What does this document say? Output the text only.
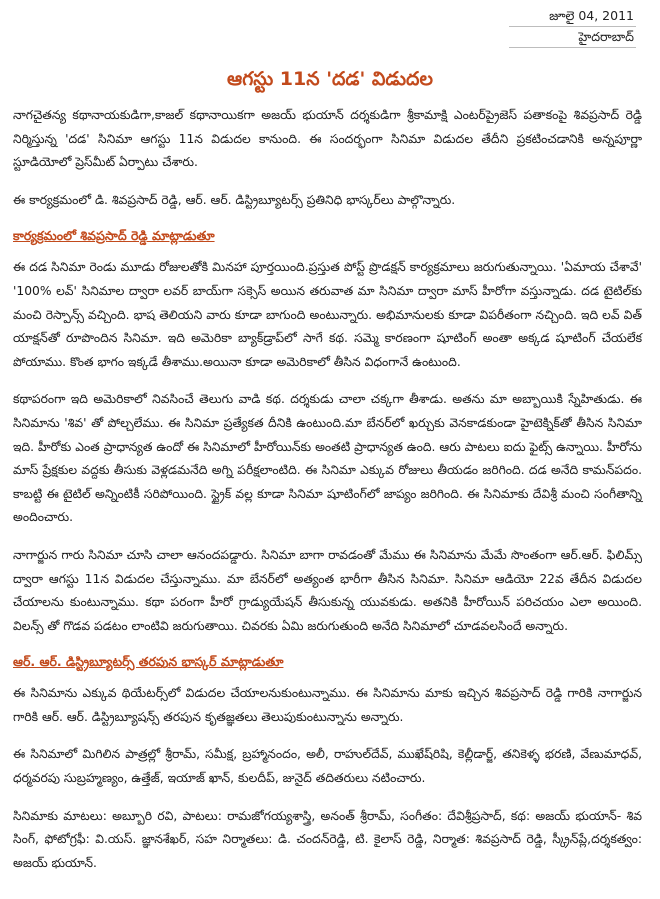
జూలై 04, 2011
హైదరాబాద్
ఆగస్టు 11న 'దడ' విడుదల

నాగచైతన్య కథానాయకుడిగా,కాజల్ కథానాయికగా అజయ్ భుయాన్ దర్శకుడిగా శ్రీకామాక్షి ఎంటర్‌ప్రైజెస్ పతాకంపై శివప్రసాద్ రెడ్డి నిర్మిస్తున్న 'దడ' సినిమా ఆగస్టు 11న విడుదల కానుంది. ఈ సందర్భంగా సినిమా విడుదల తేదీని ప్రకటించడానికి అన్నపూర్ణా స్టూడియోలో ప్రెస్‌మీట్ ఏర్పాటు చేశారు.

ఈ కార్యక్రమంలో డి. శివప్రసాద్ రెడ్డి, ఆర్. ఆర్. డిస్ట్రిబ్యూటర్స్ ప్రతినిధి భాస్కర్‌లు పాల్గొన్నారు.

కార్యక్రమంలో శివప్రసాద్ రెడ్డి మాట్లాడుతూ

ఈ దడ సినిమా రెండు మూడు రోజులతోకి మినహా పూర్తయింది.ప్రస్తుత పోస్ట్ ప్రొడక్షన్ కార్యక్రమాలు జరుగుతున్నాయి. 'ఏమాయ చేశావే' '100% లవ్' సినిమాల ద్వారా లవర్ బాయ్‌గా సక్సెస్ అయిన తరువాత మా సినిమా ద్వారా మాస్ హీరోగా వస్తున్నాడు. దడ టైటిల్‌కు మంచి రెస్పాన్స్ వచ్చింది. భాష తెలియని వారు కూడా బాగుంది అంటున్నారు. అభిమానులకు కూడా విపరీతంగా నచ్చింది. ఇది లవ్ విత్ యాక్షన్‌తో రూపొందిన సినిమా. ఇది అమెరికా బ్యాక్‌డ్రాప్‌లో సాగే కథ. సమ్మె కారణంగా షూటింగ్ అంతా అక్కడ షూటింగ్ చేయలేక పోయాము. కొంత భాగం ఇక్కడే తీశాము.అయినా కూడా అమెరికాలో తీసిన విధంగానే ఉంటుంది.

కథాపరంగా ఇది అమెరికాలో నివసించే తెలుగు వాడి కథ. దర్శకుడు చాలా చక్కగా తీశాడు. అతను మా అబ్బాయికి స్నేహితుడు. ఈ సినిమాను 'శివ' తో పోల్చలేము. ఈ సినిమా ప్రత్యేకత దీనికి ఉంటుంది.మా బేనర్‌లో ఖర్చుకు వెనకాడకుండా హైటెక్నిక్‌తో తీసిన సినిమా ఇది. హీరోకు ఎంత ప్రాధాన్యత ఉందో ఈ సినిమాలో హీరోయిన్‌కు అంతటి ప్రాధాన్యత ఉంది. ఆరు పాటలు ఐదు ఫైట్స్ ఉన్నాయి. హీరోను మాస్ ప్రేక్షకుల వద్దకు తీసుకు వెళ్లడమనేది అగ్ని పరీక్షలాంటిది. ఈ సినిమా ఎక్కువ రోజులు తీయడం జరిగింది. దడ అనేది కామన్‌పదం. కాబట్టి ఈ టైటిల్ అన్నింటికీ సరిపోయింది. స్ట్రైక్ వల్ల కూడా సినిమా షూటింగ్‌లో జాప్యం జరిగింది. ఈ సినిమాకు దేవిశ్రీ మంచి సంగీతాన్ని అందించారు.

నాగార్జున గారు సినిమా చూసి చాలా ఆనందపడ్డారు. సినిమా బాగా రావడంతో మేము ఈ సినిమాను మేమే సొంతంగా ఆర్.ఆర్. ఫిలిమ్స్ ద్వారా ఆగస్టు 11న విడుదల చేస్తున్నాము. మా బేనర్‌లో అత్యంత భారీగా తీసిన సినిమా. సినిమా ఆడియో 22వ తేదీన విడుదల చేయాలను కుంటున్నాము. కథా పరంగా హీరో గ్రాడ్యుయేషన్ తీసుకున్న యువకుడు. అతనికి హీరోయిన్ పరిచయం ఎలా అయింది. విలన్స్ తో గొడవ పడటం లాంటివి జరుగుతాయి. చివరకు ఏమి జరుగుతుంది అనేది సినిమాలో చూడవలసిందే అన్నారు.

ఆర్. ఆర్. డిస్ట్రిబ్యూటర్స్ తరపున భాస్కర్ మాట్లాడుతూ

ఈ సినిమాను ఎక్కువ థియేటర్స్‌లో విడుదల చేయాలనుకుంటున్నాము. ఈ సినిమాను మాకు ఇచ్చిన శివప్రసాద్ రెడ్డి గారికి నాగార్జున గారికి ఆర్. ఆర్. డిస్ట్రిబ్యూషన్స్ తరపున కృతజ్ఞతలు తెలుపుకుంటున్నాను అన్నారు.

ఈ సినిమాలో మిగిలిన పాత్రల్లో శ్రీరామ్, సమీక్ష, బ్రహ్మానందం, అలీ, రాహుల్‌దేవ్, ముఖేష్‌రిషి, కెల్లీడార్జ్, తనికెళ్ళ భరణి, వేణుమాధవ్, ధర్మవరపు సుబ్రహ్మణ్యం, ఉత్తేజ్, ఇయాజ్ ఖాన్, కులదీప్, జునైద్ తదితరులు నటించారు.

సినిమాకు మాటలు: అబ్బూరి రవి, పాటలు: రామజోగయ్యశాస్త్రి, అనంత్ శ్రీరామ్, సంగీతం: దేవిశ్రీప్రసాద్, కథ: అజయ్ భుయాన్- శివ సింగ్, ఫోటోగ్రఫీ: వి.యస్. జ్ఞానశేఖర్, సహ నిర్మాతలు: డి. చందన్‌రెడ్డి, టి. కైలాస్ రెడ్డి, నిర్మాత: శివప్రసాద్ రెడ్డి, స్క్రీన్‌ప్లే,దర్శకత్వం: అజయ్ భుయాన్.
